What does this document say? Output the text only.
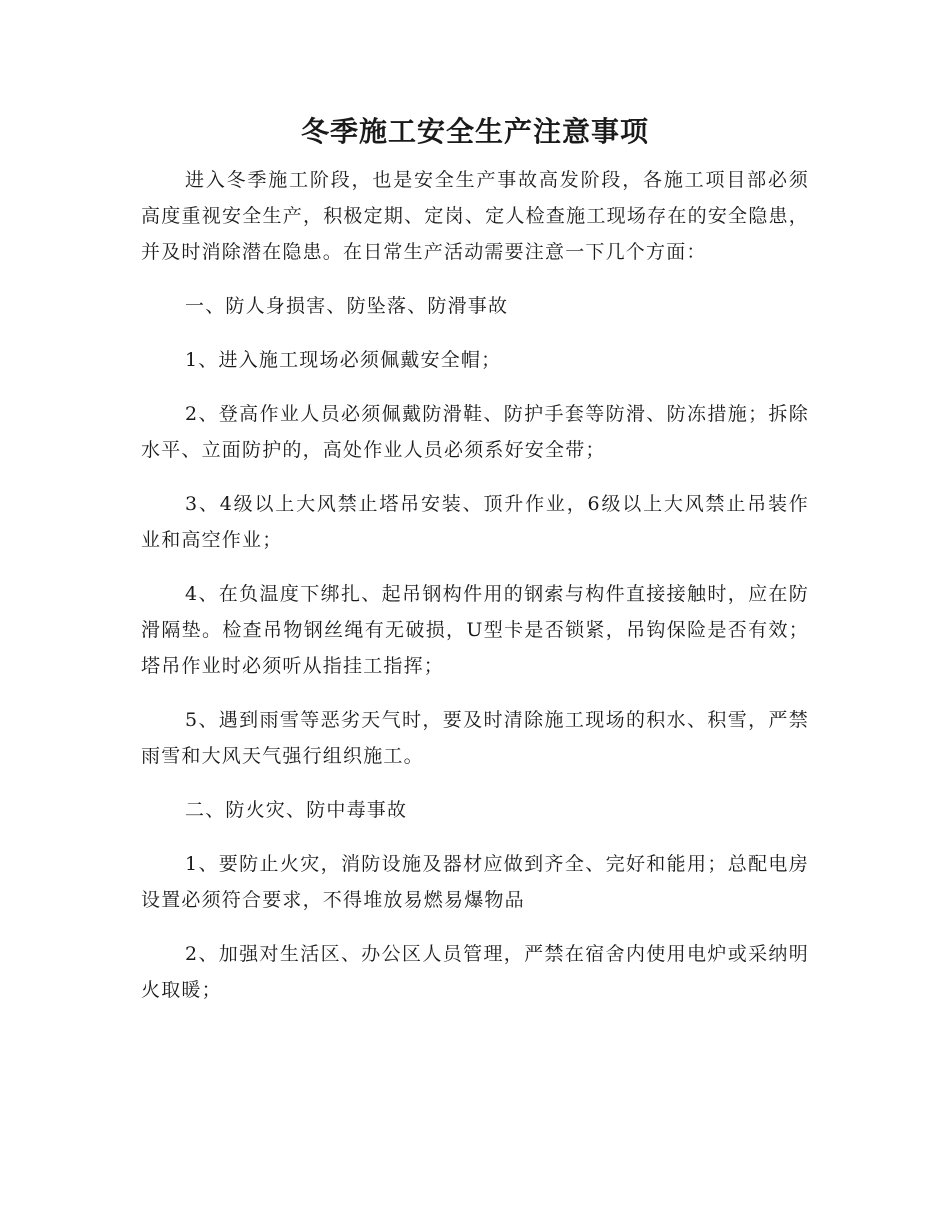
冬季施工安全生产注意事项

进入冬季施工阶段，也是安全生产事故高发阶段，各施工项目部必须高度重视安全生产，积极定期、定岗、定人检查施工现场存在的安全隐患，并及时消除潜在隐患。在日常生产活动需要注意一下几个方面：

一、防人身损害、防坠落、防滑事故

1、进入施工现场必须佩戴安全帽；

2、登高作业人员必须佩戴防滑鞋、防护手套等防滑、防冻措施；拆除水平、立面防护的，高处作业人员必须系好安全带；

3、4级以上大风禁止塔吊安装、顶升作业，6级以上大风禁止吊装作业和高空作业；

4、在负温度下绑扎、起吊钢构件用的钢索与构件直接接触时，应在防滑隔垫。检查吊物钢丝绳有无破损，U型卡是否锁紧，吊钩保险是否有效；塔吊作业时必须听从指挂工指挥；

5、遇到雨雪等恶劣天气时，要及时清除施工现场的积水、积雪，严禁雨雪和大风天气强行组织施工。

二、防火灾、防中毒事故

1、要防止火灾，消防设施及器材应做到齐全、完好和能用；总配电房设置必须符合要求，不得堆放易燃易爆物品

2、加强对生活区、办公区人员管理，严禁在宿舍内使用电炉或采纳明火取暖；
